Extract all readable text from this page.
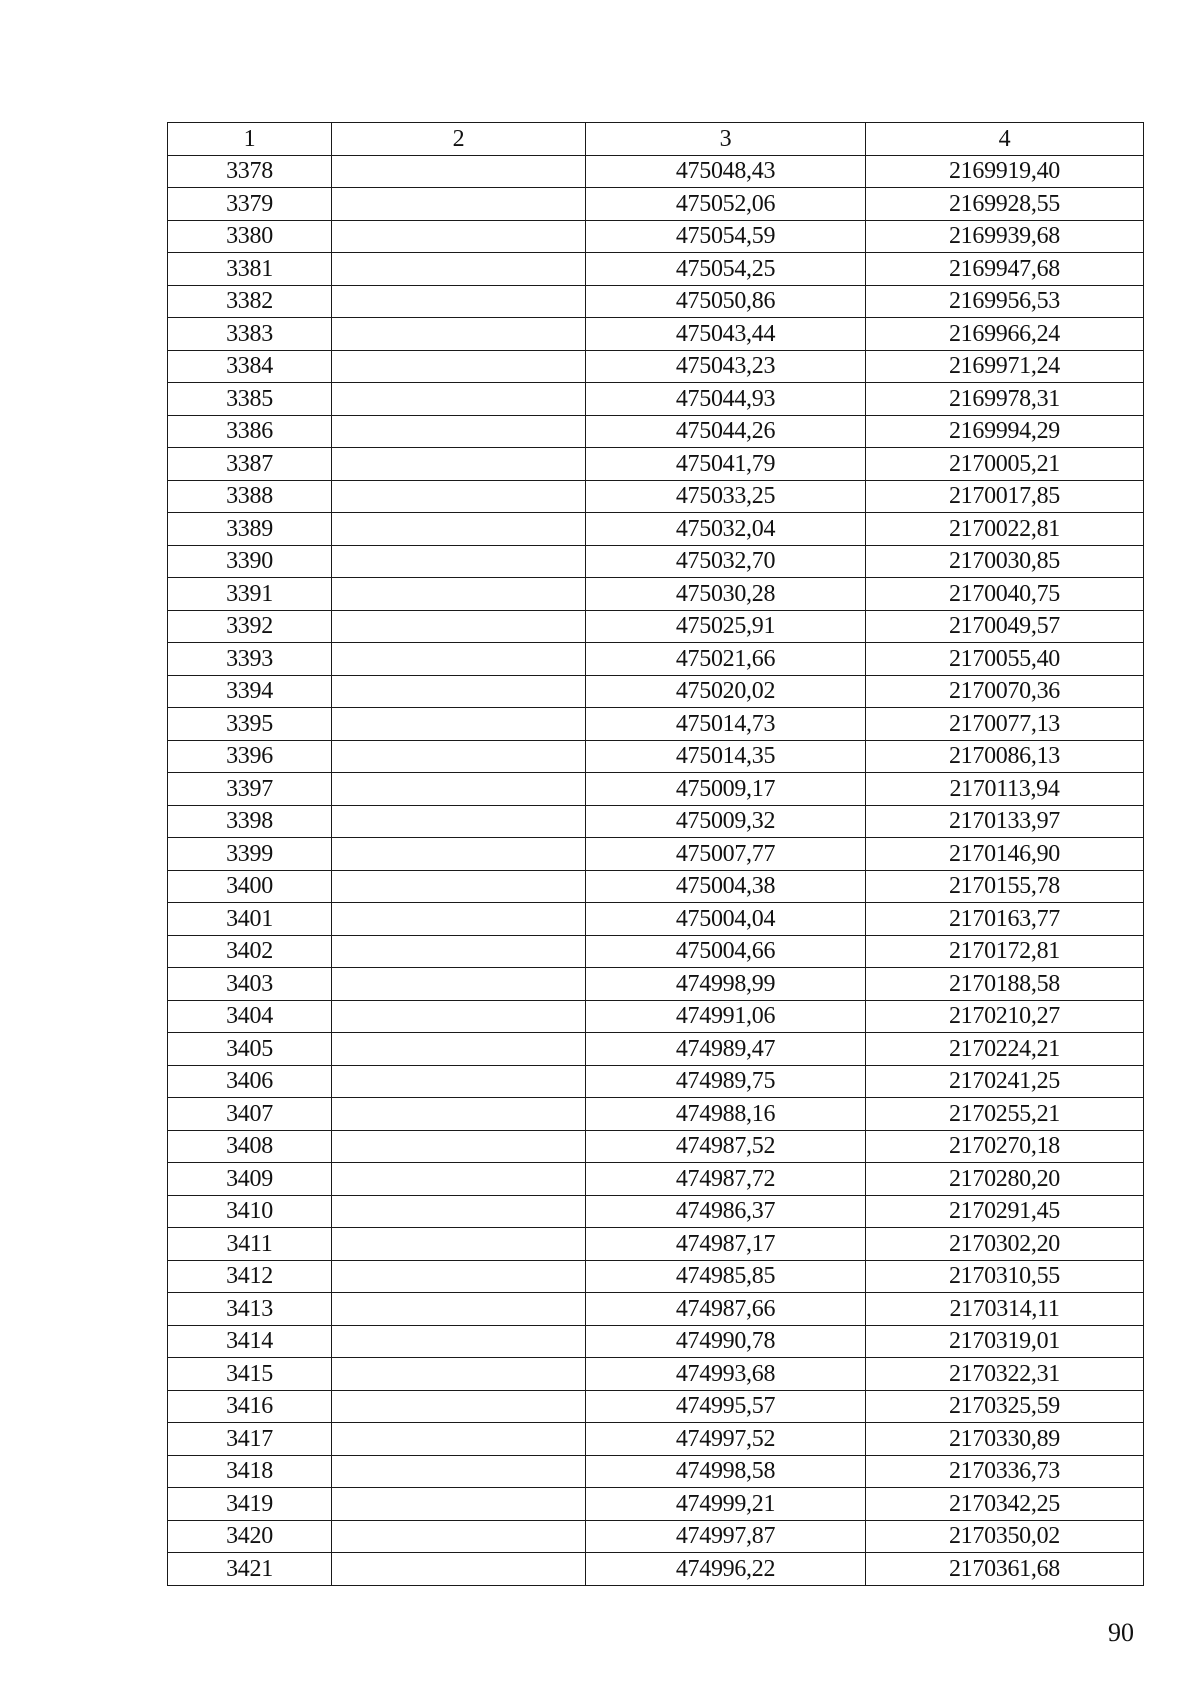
1	2	3	4
3378		475048,43	2169919,40
3379		475052,06	2169928,55
3380		475054,59	2169939,68
3381		475054,25	2169947,68
3382		475050,86	2169956,53
3383		475043,44	2169966,24
3384		475043,23	2169971,24
3385		475044,93	2169978,31
3386		475044,26	2169994,29
3387		475041,79	2170005,21
3388		475033,25	2170017,85
3389		475032,04	2170022,81
3390		475032,70	2170030,85
3391		475030,28	2170040,75
3392		475025,91	2170049,57
3393		475021,66	2170055,40
3394		475020,02	2170070,36
3395		475014,73	2170077,13
3396		475014,35	2170086,13
3397		475009,17	2170113,94
3398		475009,32	2170133,97
3399		475007,77	2170146,90
3400		475004,38	2170155,78
3401		475004,04	2170163,77
3402		475004,66	2170172,81
3403		474998,99	2170188,58
3404		474991,06	2170210,27
3405		474989,47	2170224,21
3406		474989,75	2170241,25
3407		474988,16	2170255,21
3408		474987,52	2170270,18
3409		474987,72	2170280,20
3410		474986,37	2170291,45
3411		474987,17	2170302,20
3412		474985,85	2170310,55
3413		474987,66	2170314,11
3414		474990,78	2170319,01
3415		474993,68	2170322,31
3416		474995,57	2170325,59
3417		474997,52	2170330,89
3418		474998,58	2170336,73
3419		474999,21	2170342,25
3420		474997,87	2170350,02
3421		474996,22	2170361,68
90
